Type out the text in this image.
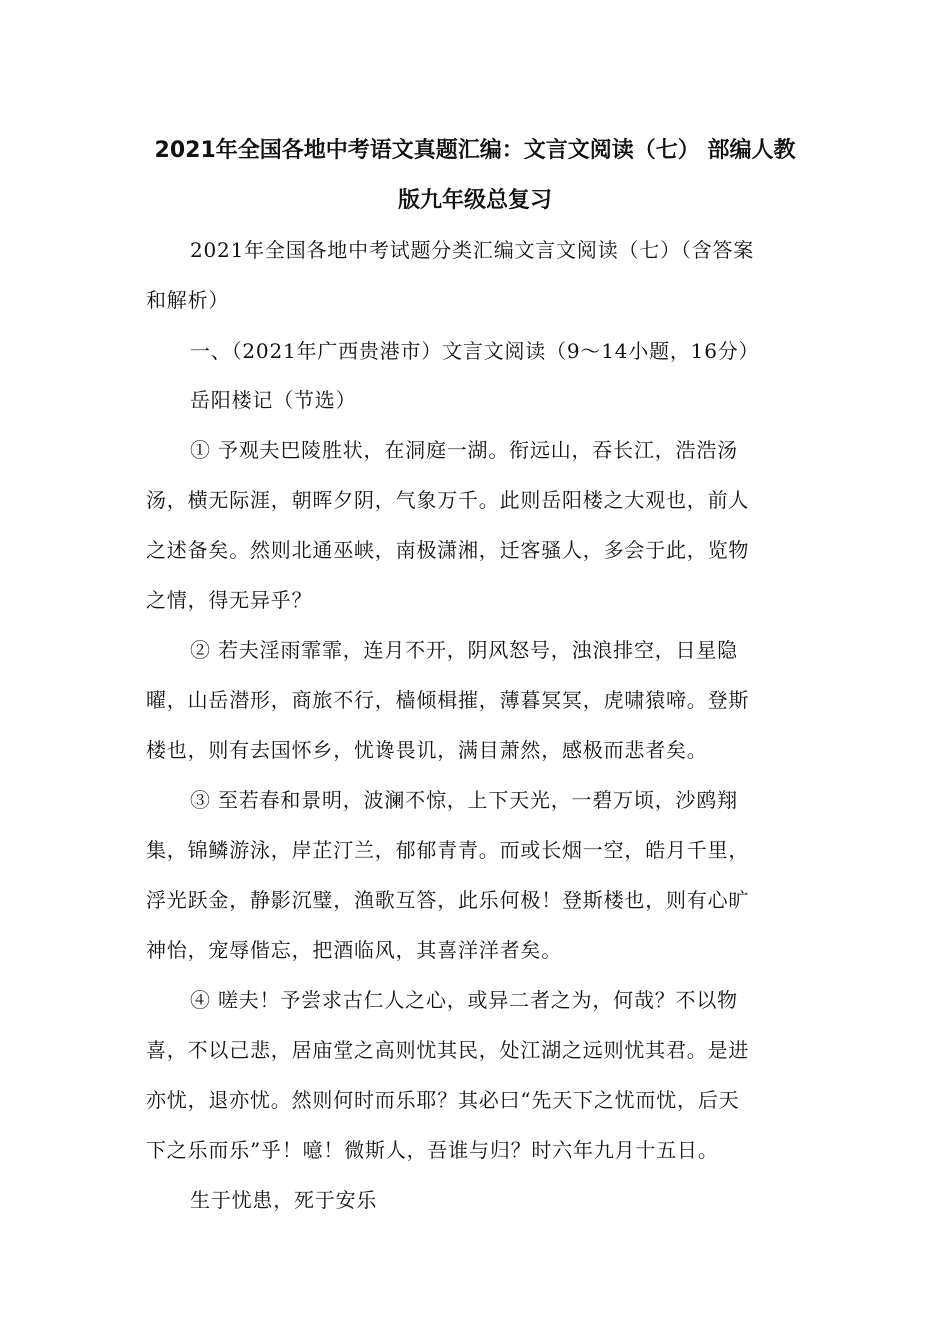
2021年全国各地中考语文真题汇编：文言文阅读（七） 部编人教
版九年级总复习
2021年全国各地中考试题分类汇编文言文阅读（七）（含答案
和解析）
一、（2021年广西贵港市）文言文阅读（9～14小题，16分）
岳阳楼记（节选）
① 予观夫巴陵胜状，在洞庭一湖。衔远山，吞长江，浩浩汤
汤，横无际涯，朝晖夕阴，气象万千。此则岳阳楼之大观也，前人
之述备矣。然则北通巫峡，南极潇湘，迁客骚人，多会于此，览物
之情，得无异乎？
② 若夫淫雨霏霏，连月不开，阴风怒号，浊浪排空，日星隐
曜，山岳潜形，商旅不行，樯倾楫摧，薄暮冥冥，虎啸猿啼。登斯
楼也，则有去国怀乡，忧谗畏讥，满目萧然，感极而悲者矣。
③ 至若春和景明，波澜不惊，上下天光，一碧万顷，沙鸥翔
集，锦鳞游泳，岸芷汀兰，郁郁青青。而或长烟一空，皓月千里，
浮光跃金，静影沉璧，渔歌互答，此乐何极！登斯楼也，则有心旷
神怡，宠辱偕忘，把酒临风，其喜洋洋者矣。
④ 嗟夫！予尝求古仁人之心，或异二者之为，何哉？不以物
喜，不以己悲，居庙堂之高则忧其民，处江湖之远则忧其君。是进
亦忧，退亦忧。然则何时而乐耶？其必曰“先天下之忧而忧，后天
下之乐而乐”乎！噫！微斯人，吾谁与归？时六年九月十五日。
生于忧患，死于安乐
